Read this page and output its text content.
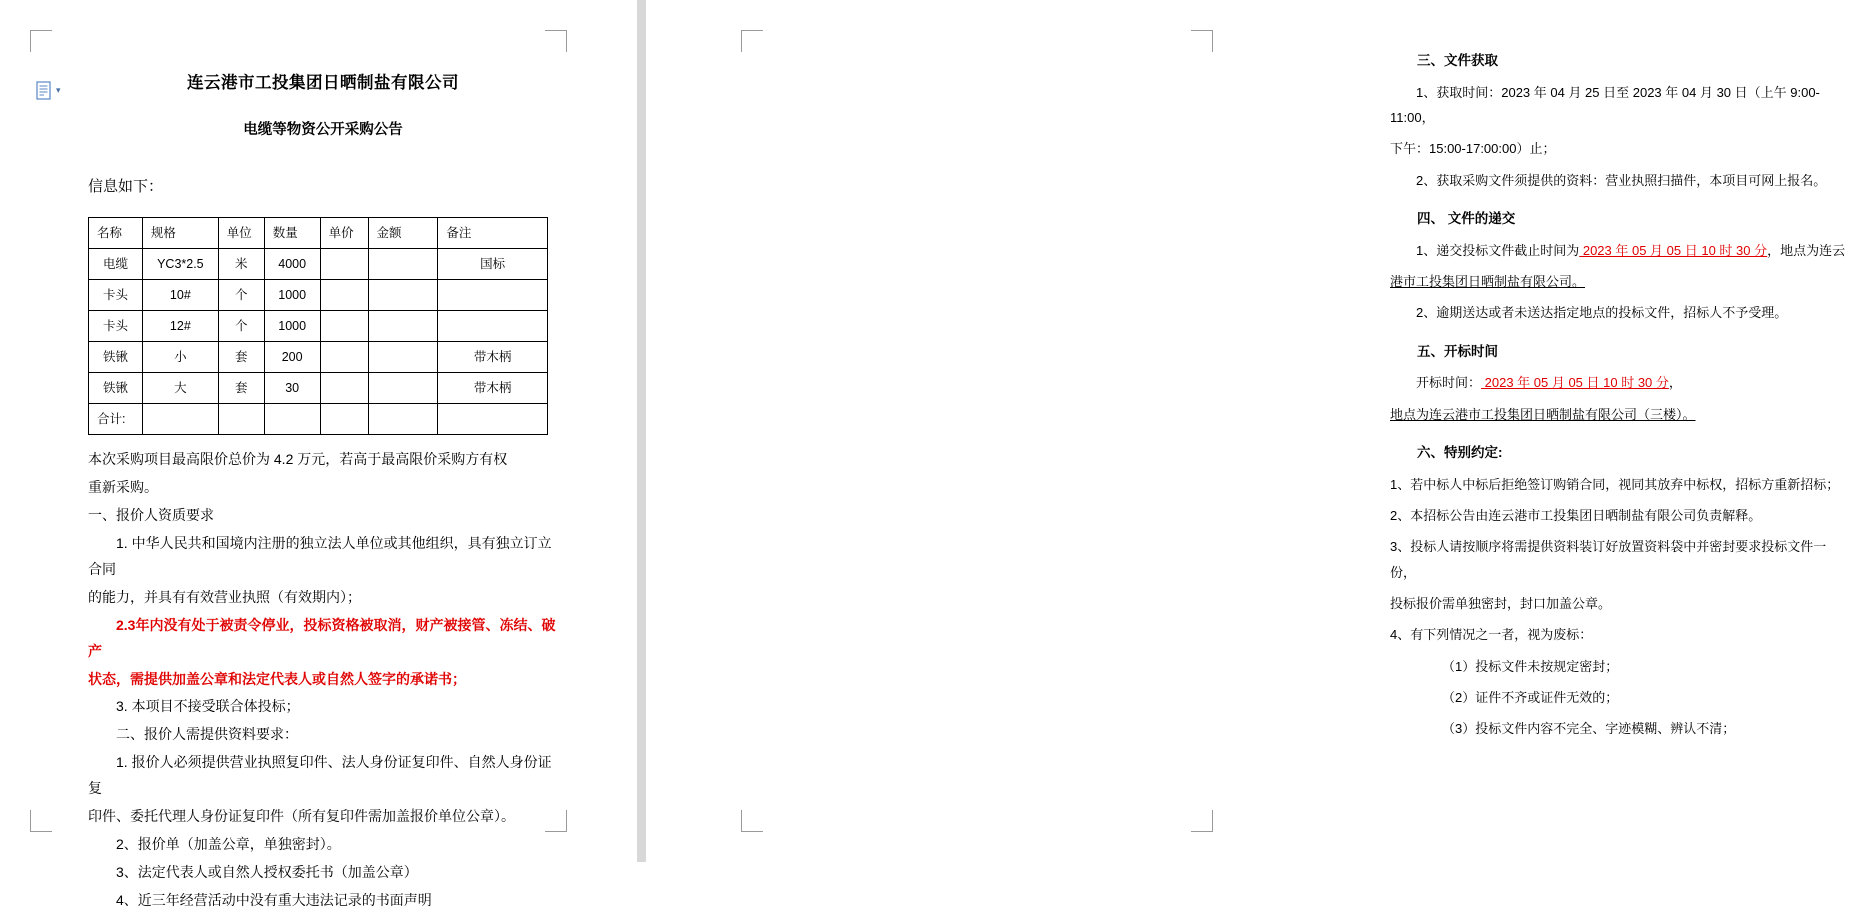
▾	连云港市工投集团日晒制盐有限公司
电缆等物资公开采购公告

信息如下：

名称	规格	单位	数量	单价	金额	备注
电缆	YC3*2.5	米	4000			国标
卡头	10#	个	1000			
卡头	12#	个	1000			
铁锹	小	套	200			带木柄
铁锹	大	套	30			带木柄
合计:						

本次采购项目最高限价总价为 4.2 万元，若高于最高限价采购方有权

重新采购。

一、报价人资质要求

1. 中华人民共和国境内注册的独立法人单位或其他组织，具有独立订立合同

的能力，并具有有效营业执照（有效期内）；

2.3年内没有处于被责令停业，投标资格被取消，财产被接管、冻结、破产

状态，需提供加盖公章和法定代表人或自然人签字的承诺书；

3. 本项目不接受联合体投标；

二、报价人需提供资料要求：

1. 报价人必须提供营业执照复印件、法人身份证复印件、自然人身份证复

印件、委托代理人身份证复印件（所有复印件需加盖报价单位公章）。

2、报价单（加盖公章，单独密封）。

3、法定代表人或自然人授权委托书（加盖公章）

4、近三年经营活动中没有重大违法记录的书面声明

三、文件获取

1、获取时间：2023 年 04 月 25 日至 2023 年 04 月 30 日（上午 9:00-11:00，

下午：15:00-17:00:00）止；

2、获取采购文件须提供的资料：营业执照扫描件，本项目可网上报名。

四、 文件的递交

1、递交投标文件截止时间为 2023 年 05 月 05 日 10 时 30 分，地点为连云

港市工投集团日晒制盐有限公司。

2、逾期送达或者未送达指定地点的投标文件，招标人不予受理。

五、开标时间

开标时间： 2023 年 05 月 05 日 10 时 30 分，

地点为连云港市工投集团日晒制盐有限公司（三楼）。

六、特别约定:

1、若中标人中标后拒绝签订购销合同，视同其放弃中标权，招标方重新招标；

2、本招标公告由连云港市工投集团日晒制盐有限公司负责解释。

3、投标人请按顺序将需提供资料装订好放置资料袋中并密封要求投标文件一份，

投标报价需单独密封，封口加盖公章。

4、有下列情况之一者，视为废标：

（1）投标文件未按规定密封；

（2）证件不齐或证件无效的；

（3）投标文件内容不完全、字迹模糊、辨认不清；
